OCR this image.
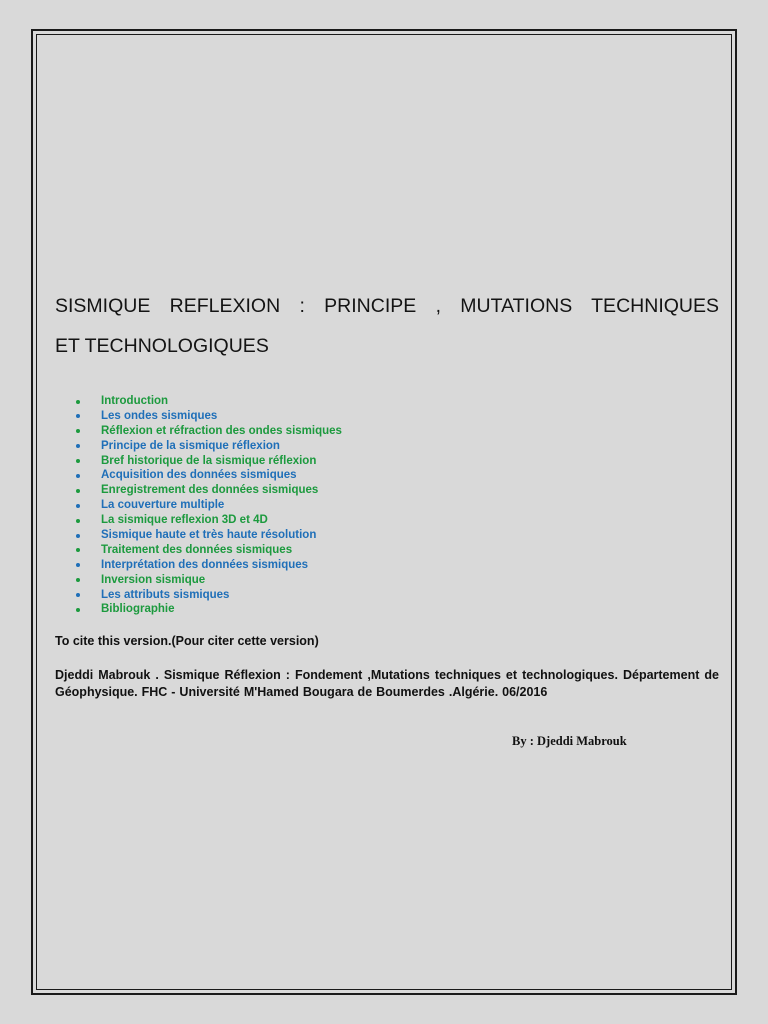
SISMIQUE REFLEXION : PRINCIPE , MUTATIONS TECHNIQUES
ET TECHNOLOGIQUES
Introduction
Les ondes sismiques
Réflexion et réfraction des ondes sismiques
Principe de la sismique réflexion
Bref historique de la sismique réflexion
Acquisition des données sismiques
Enregistrement des données sismiques
La couverture multiple
La sismique reflexion 3D et 4D
Sismique haute et très haute résolution
Traitement des données sismiques
Interprétation des données sismiques
Inversion sismique
Les attributs sismiques
Bibliographie

To cite this version.(Pour citer cette version)

Djeddi Mabrouk . Sismique Réflexion : Fondement ,Mutations techniques et technologiques. Département de Géophysique. FHC - Université M'Hamed Bougara de Boumerdes .Algérie. 06/2016

By : Djeddi Mabrouk
